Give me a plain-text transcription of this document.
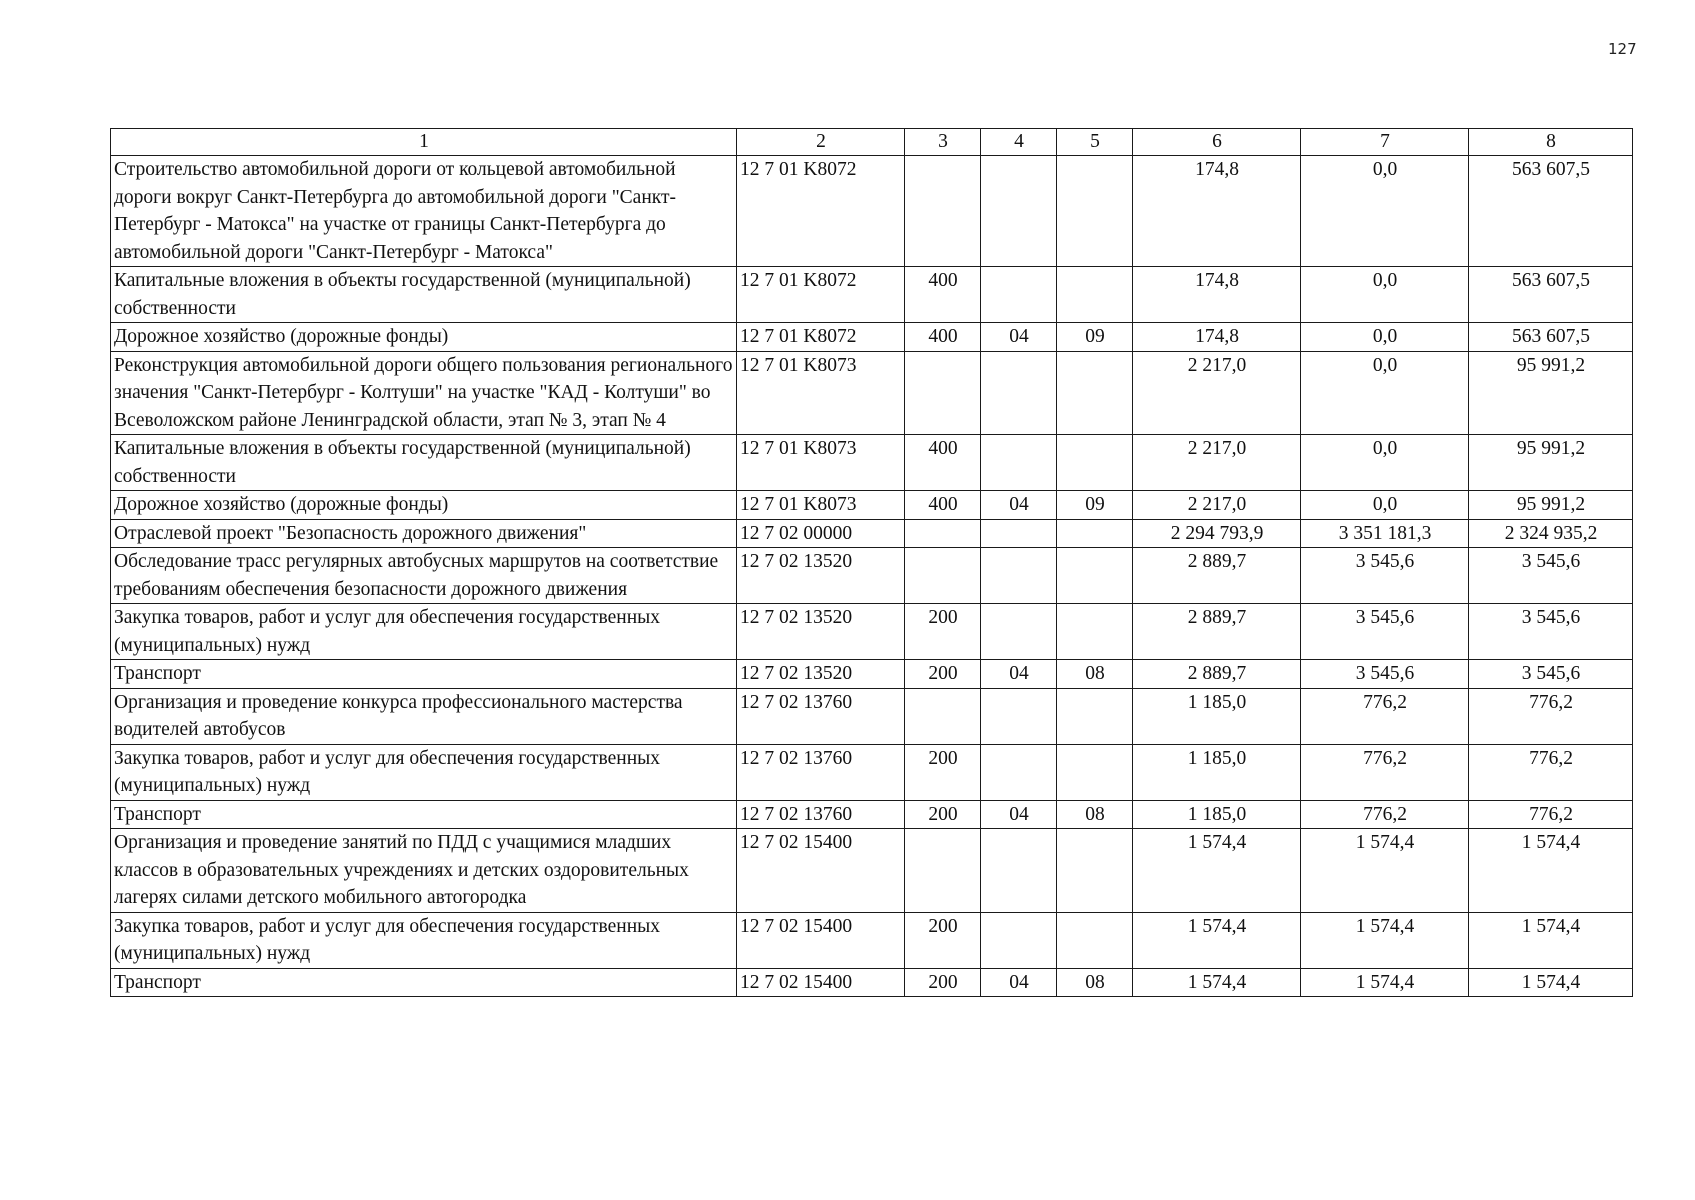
127
1	2	3	4	5	6	7	8
Строительство автомобильной дороги от кольцевой автомобильной дороги вокруг Санкт-Петербурга до автомобильной дороги "Санкт-Петербург - Матокса" на участке от границы Санкт-Петербурга до автомобильной дороги "Санкт-Петербург - Матокса"	12 7 01 K8072				174,8	0,0	563 607,5
Капитальные вложения в объекты государственной (муниципальной) собственности	12 7 01 K8072	400			174,8	0,0	563 607,5
Дорожное хозяйство (дорожные фонды)	12 7 01 K8072	400	04	09	174,8	0,0	563 607,5
Реконструкция автомобильной дороги общего пользования регионального значения "Санкт-Петербург - Колтуши" на участке "КАД - Колтуши" во Всеволожском районе Ленинградской области, этап № 3, этап № 4	12 7 01 K8073				2 217,0	0,0	95 991,2
Капитальные вложения в объекты государственной (муниципальной) собственности	12 7 01 K8073	400			2 217,0	0,0	95 991,2
Дорожное хозяйство (дорожные фонды)	12 7 01 K8073	400	04	09	2 217,0	0,0	95 991,2
Отраслевой проект "Безопасность дорожного движения"	12 7 02 00000				2 294 793,9	3 351 181,3	2 324 935,2
Обследование трасс регулярных автобусных маршрутов на соответствие требованиям обеспечения безопасности дорожного движения	12 7 02 13520				2 889,7	3 545,6	3 545,6
Закупка товаров, работ и услуг для обеспечения государственных (муниципальных) нужд	12 7 02 13520	200			2 889,7	3 545,6	3 545,6
Транспорт	12 7 02 13520	200	04	08	2 889,7	3 545,6	3 545,6
Организация и проведение конкурса профессионального мастерства водителей автобусов	12 7 02 13760				1 185,0	776,2	776,2
Закупка товаров, работ и услуг для обеспечения государственных (муниципальных) нужд	12 7 02 13760	200			1 185,0	776,2	776,2
Транспорт	12 7 02 13760	200	04	08	1 185,0	776,2	776,2
Организация и проведение занятий по ПДД с учащимися младших классов в образовательных учреждениях и детских оздоровительных лагерях силами детского мобильного автогородка	12 7 02 15400				1 574,4	1 574,4	1 574,4
Закупка товаров, работ и услуг для обеспечения государственных (муниципальных) нужд	12 7 02 15400	200			1 574,4	1 574,4	1 574,4
Транспорт	12 7 02 15400	200	04	08	1 574,4	1 574,4	1 574,4
